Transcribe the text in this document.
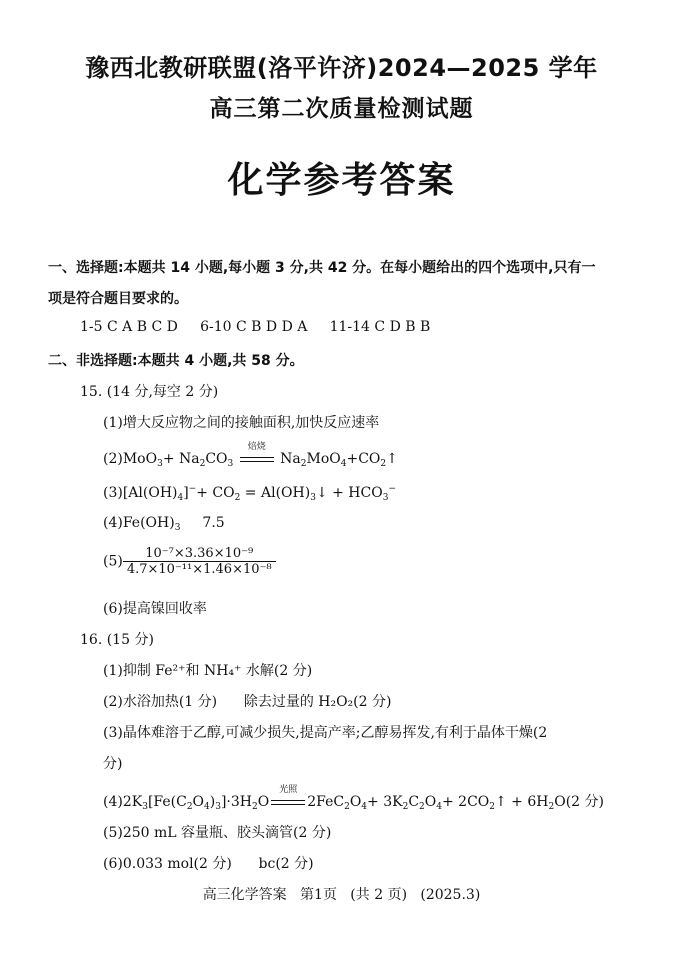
豫西北教研联盟(洛平许济)2024—2025 学年
高三第二次质量检测试题
化学参考答案
一、选择题:本题共 14 小题,每小题 3 分,共 42 分。在每小题给出的四个选项中,只有一
项是符合题目要求的。
1-5 C A B C D     6-10 C B D D A     11-14 C D B B
二、非选择题:本题共 4 小题,共 58 分。
15. (14 分,每空 2 分)
(1)增大反应物之间的接触面积,加快反应速率
$(2)MoO_3+ Na_2CO_3$
焙烧
$Na_2MoO_4+CO_2↑$
$(3)[Al(OH)_4]^-+ CO_2$ = $Al(OH)_3↓ + HCO_3^-$
$(4)Fe(OH)_3$ 7.5
$(5) \frac{\text{10⁻⁷×3.36×10⁻⁹}}{\text{4.7×10⁻¹¹×1.46×10⁻⁸}}$
(6)提高镍回收率
16. (15 分)
(1)抑制 Fe²⁺和 NH₄⁺ 水解(2 分)
(2)水浴加热(1 分)      除去过量的 H₂O₂(2 分)
(3)晶体难溶于乙醇,可减少损失,提高产率;乙醇易挥发,有利于晶体干燥(2
分)
$(4)2K_3[Fe(C_2O_4)_3]\cdot 3H_2O$
光照
$2FeC_2O_4+ 3K_2C_2O_4+$ $2CO_2↑ + 6H_2O(2$ 分)
(5)250 mL 容量瓶、胶头滴管(2 分)
(6)0.033 mol(2 分)      bc(2 分)
高三化学答案   第1页   (共 2 页)   (2025.3)
